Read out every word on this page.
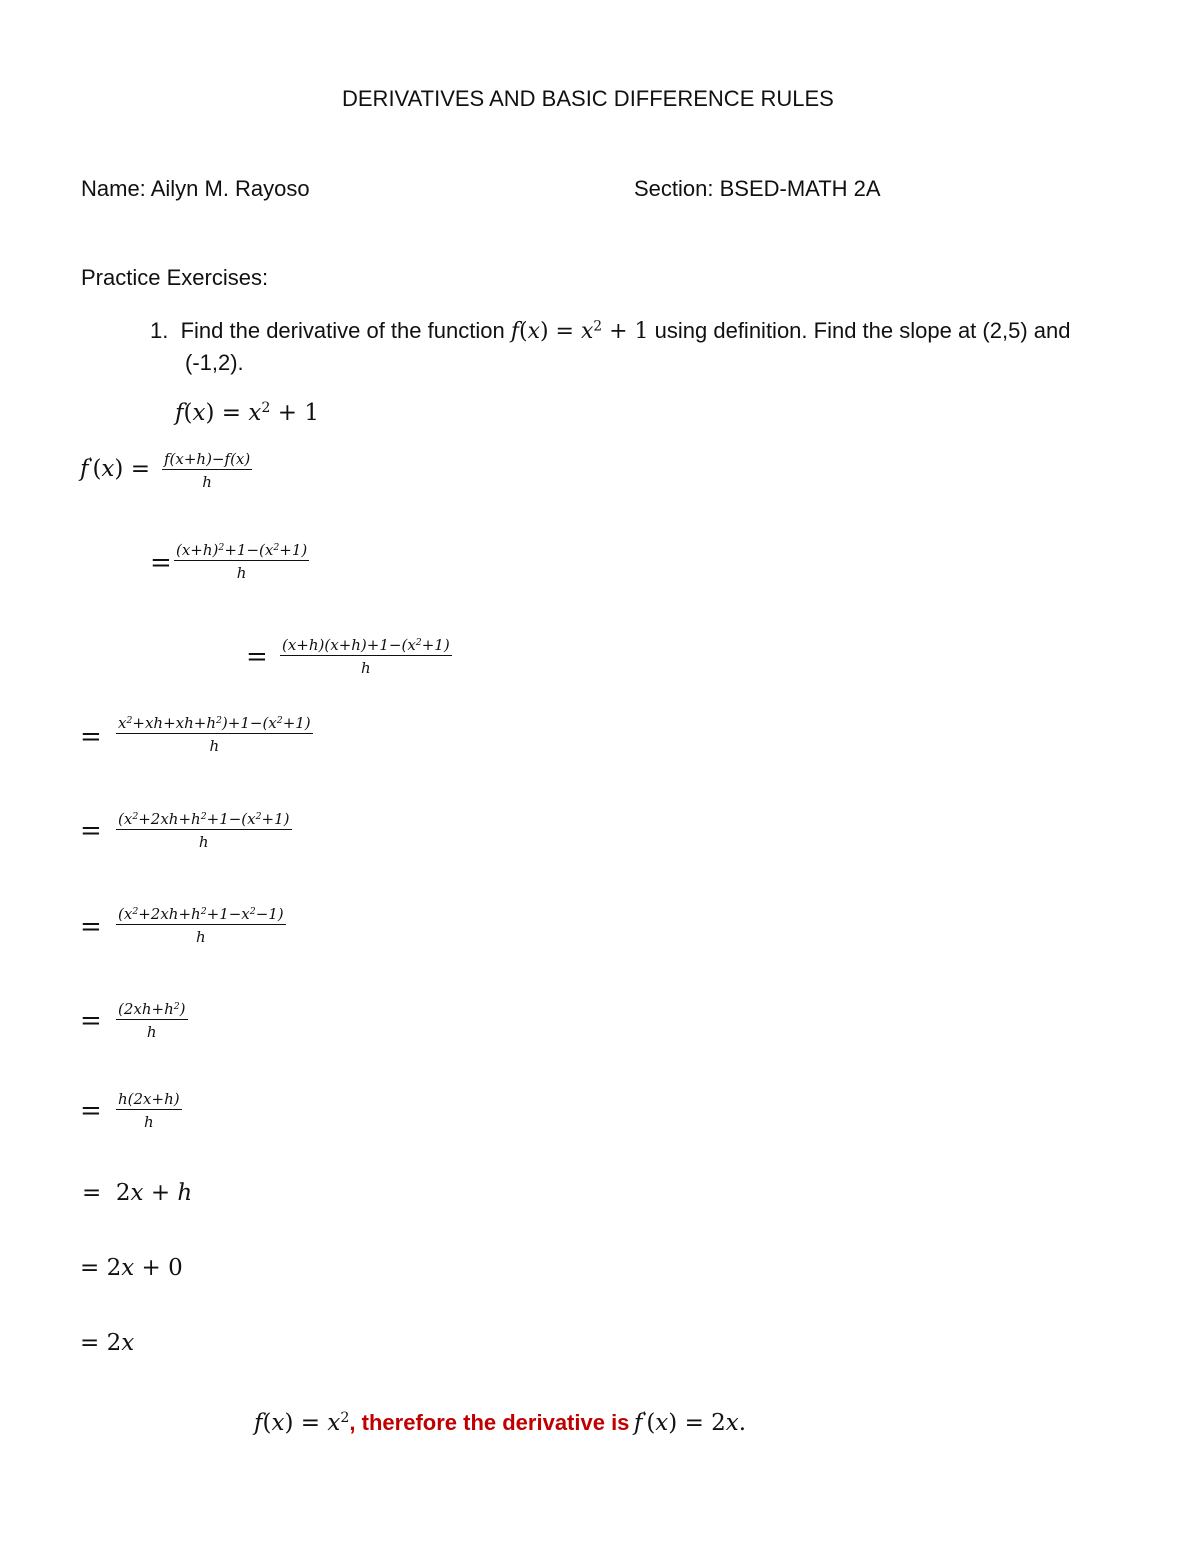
DERIVATIVES AND BASIC DIFFERENCE RULES
Name: Ailyn M. Rayoso	Section: BSED-MATH 2A
Practice Exercises:
1. Find the derivative of the function $f(x) = x^2 + 1$ using definition. Find the slope at (2,5) and
(-1,2).
$f(x) = x^2 + 1$
$f'(x) = \frac{f(x+h)-f(x)}{h}$
= $\frac{(x+h)^2+1-(x^2+1)}{h}$
= $\frac{(x+h)(x+h)+1-(x^2+1)}{h}$
= $\frac{x^2+xh+xh+h^2)+1-(x^2+1)}{h}$
= $\frac{(x^2+2xh+h^2+1-(x^2+1)}{h}$
= $\frac{(x^2+2xh+h^2+1-x^2-1)}{h}$
= $\frac{(2xh+h^2)}{h}$
= $\frac{h(2x+h)}{h}$
=  2x + h
= 2x + 0
= 2x
$f(x) = x^2$, therefore the derivative is f'(x) = 2x.
